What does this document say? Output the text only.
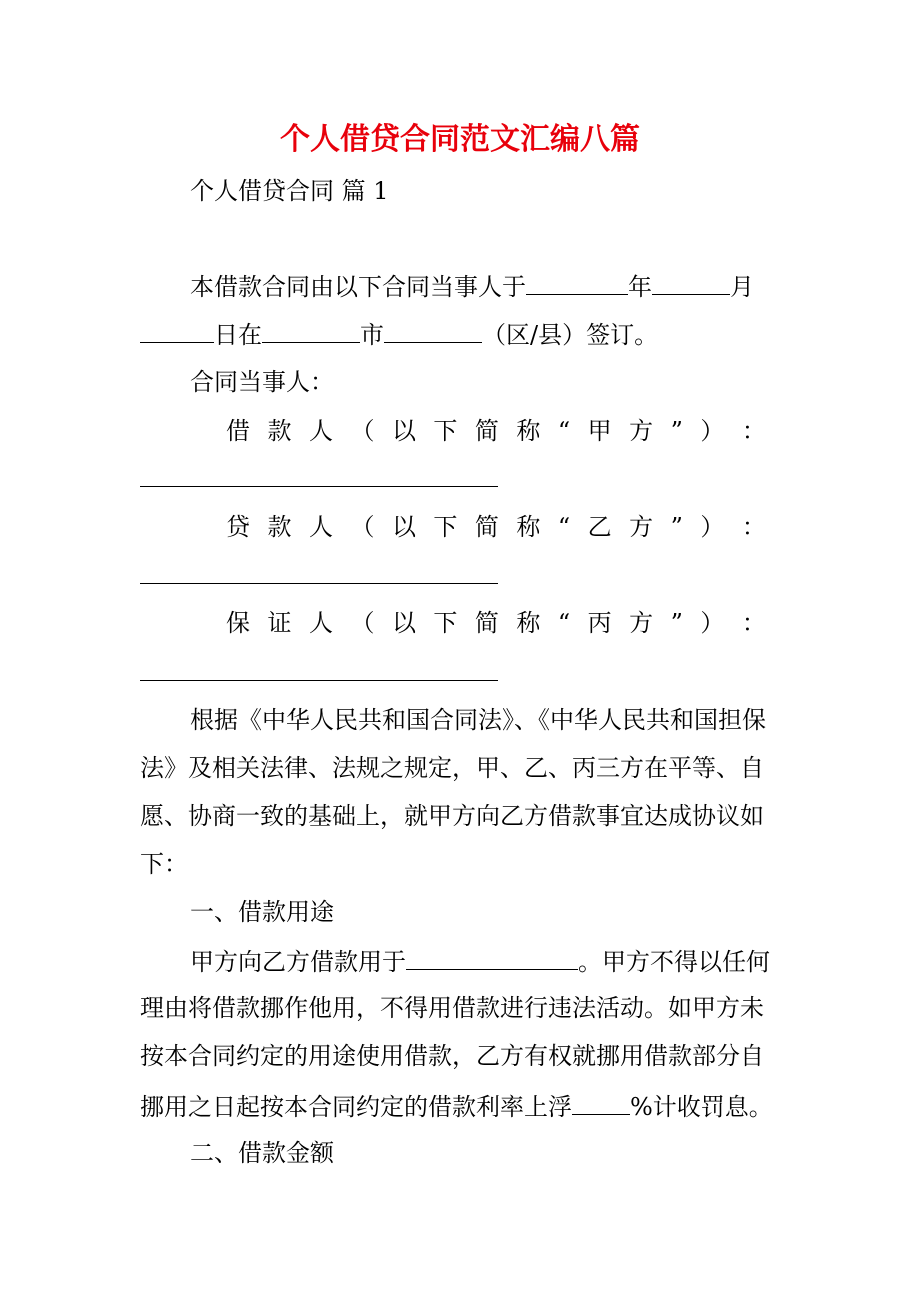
个人借贷合同范文汇编八篇
个人借贷合同 篇 1
本借款合同由以下合同当事人于	年	月
日在	市	（区/县）签订。
合同当事人：
借 款 人 （ 以 下 简 称 “ 甲 方 ” ） ：
贷 款 人 （ 以 下 简 称 “ 乙 方 ” ） ：
保 证 人 （ 以 下 简 称 “ 丙 方 ” ） ：
根据《中华人民共和国合同法》、《中华人民共和国担保
法》及相关法律、法规之规定，甲、乙、丙三方在平等、自
愿、协商一致的基础上，就甲方向乙方借款事宜达成协议如
下：
一、借款用途
甲方向乙方借款用于	。甲方不得以任何
理由将借款挪作他用，不得用借款进行违法活动。如甲方未
按本合同约定的用途使用借款，乙方有权就挪用借款部分自
挪用之日起按本合同约定的借款利率上浮 %计收罚息。
二、借款金额
